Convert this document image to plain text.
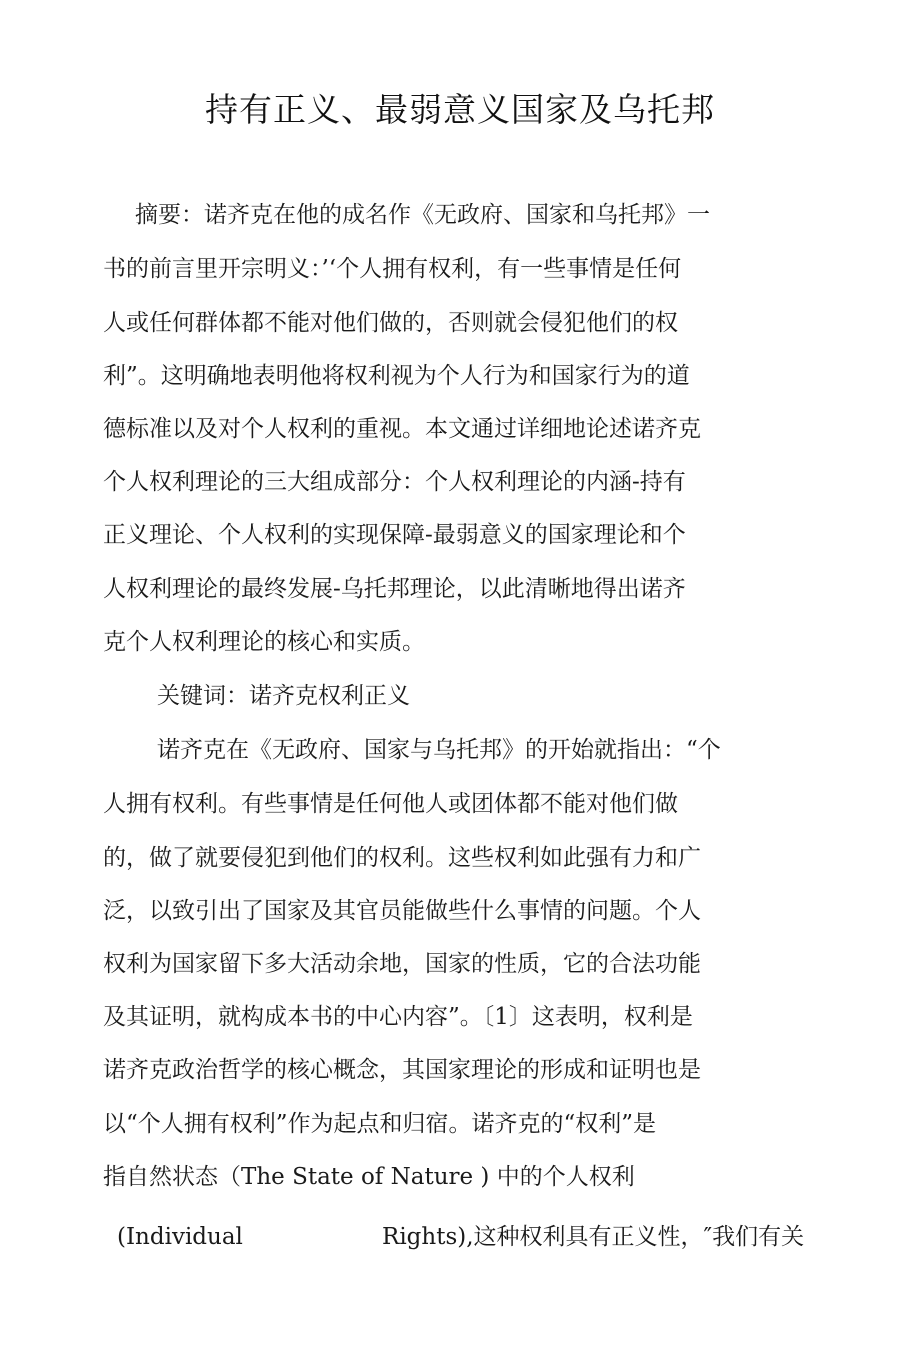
持有正义、最弱意义国家及乌托邦
摘要：诺齐克在他的成名作《无政府、国家和乌托邦》一
书的前言里开宗明义：’‘个人拥有权利，有一些事情是任何
人或任何群体都不能对他们做的，否则就会侵犯他们的权
利”。这明确地表明他将权利视为个人行为和国家行为的道
德标准以及对个人权利的重视。本文通过详细地论述诺齐克
个人权利理论的三大组成部分：个人权利理论的内涵-持有
正义理论、个人权利的实现保障-最弱意义的国家理论和个
人权利理论的最终发展-乌托邦理论，以此清晰地得出诺齐
克个人权利理论的核心和实质。
关键词：诺齐克权利正义
诺齐克在《无政府、国家与乌托邦》的开始就指出：“个
人拥有权利。有些事情是任何他人或团体都不能对他们做
的，做了就要侵犯到他们的权利。这些权利如此强有力和广
泛，以致引出了国家及其官员能做些什么事情的问题。个人
权利为国家留下多大活动余地，国家的性质，它的合法功能
及其证明，就构成本书的中心内容”。〔1〕这表明，权利是
诺齐克政治哲学的核心概念，其国家理论的形成和证明也是
以“个人拥有权利”作为起点和归宿。诺齐克的“权利”是
指自然状态（The State of Nature ) 中的个人权利
(Individual	Rights),这种权利具有正义性，″我们有关
